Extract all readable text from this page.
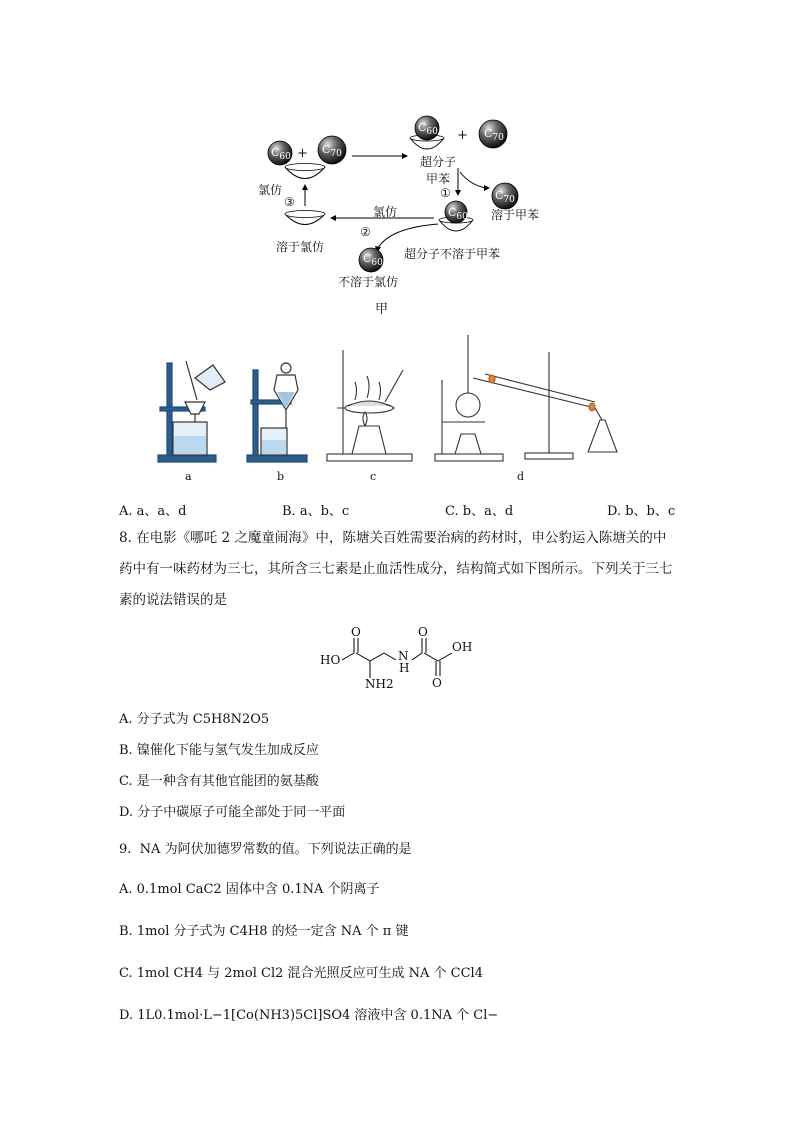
$C_{60}$
$C_{70}$
+
$C_{60} + C_{70}$
超分子
甲苯
①	$C_{70}$
溶于甲苯
$C_{60}$
超分子不溶于甲苯
氯仿
②
$C_{60}$
不溶于氯仿
氯仿
③
溶于氯仿
甲
a	b	c	d
A. a、a、d	B. a、b、c	C. b、a、d	D. b、b、c
8. 在电影《哪吒 2 之魔童闹海》中，陈塘关百姓需要治病的药材时，申公豹运入陈塘关的中药中有一味药材为三七，其所含三七素是止血活性成分，结构简式如下图所示。下列关于三七素的说法错误的是
HO
O
NH2
N
H
O
O
OH
A. 分子式为 C5H8N2O5
B. 镍催化下能与氢气发生加成反应
C. 是一种含有其他官能团的氨基酸
D. 分子中碳原子可能全部处于同一平面
9. NA 为阿伏加德罗常数的值。下列说法正确的是
A. 0.1mol CaC2 固体中含 0.1NA 个阴离子
B. 1mol 分子式为 C4H8 的烃一定含 NA 个 π 键
C. 1mol CH4 与 2mol Cl2 混合光照反应可生成 NA 个 CCl4
D. 1L0.1mol·L−1[Co(NH3)5Cl]SO4 溶液中含 0.1NA 个 Cl−
